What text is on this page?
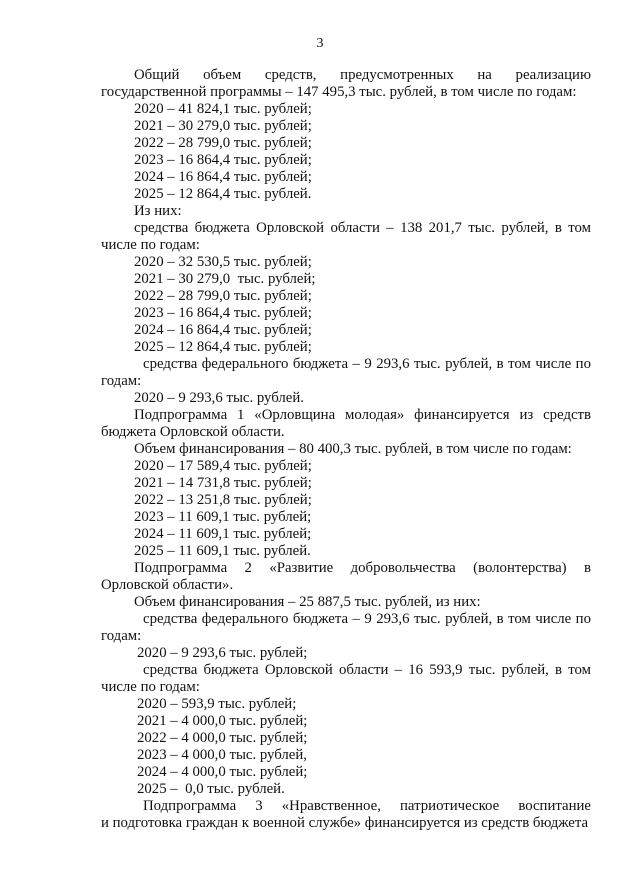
3
Общий объем средств, предусмотренных на реализацию
государственной программы – 147 495,3 тыс. рублей, в том числе по годам:
2020 – 41 824,1 тыс. рублей;
2021 – 30 279,0 тыс. рублей;
2022 – 28 799,0 тыс. рублей;
2023 – 16 864,4 тыс. рублей;
2024 – 16 864,4 тыс. рублей;
2025 – 12 864,4 тыс. рублей.
Из них:
средства бюджета Орловской области – 138 201,7 тыс. рублей, в том
числе по годам:
2020 – 32 530,5 тыс. рублей;
2021 – 30 279,0  тыс. рублей;
2022 – 28 799,0 тыс. рублей;
2023 – 16 864,4 тыс. рублей;
2024 – 16 864,4 тыс. рублей;
2025 – 12 864,4 тыс. рублей;
средства федерального бюджета – 9 293,6 тыс. рублей, в том числе по
годам:
2020 – 9 293,6 тыс. рублей.
Подпрограмма 1 «Орловщина молодая» финансируется из средств
бюджета Орловской области.
Объем финансирования – 80 400,3 тыс. рублей, в том числе по годам:
2020 – 17 589,4 тыс. рублей;
2021 – 14 731,8 тыс. рублей;
2022 – 13 251,8 тыс. рублей;
2023 – 11 609,1 тыс. рублей;
2024 – 11 609,1 тыс. рублей;
2025 – 11 609,1 тыс. рублей.
Подпрограмма 2 «Развитие добровольчества (волонтерства) в
Орловской области».
Объем финансирования – 25 887,5 тыс. рублей, из них:
средства федерального бюджета – 9 293,6 тыс. рублей, в том числе по
годам:
2020 – 9 293,6 тыс. рублей;
средства бюджета Орловской области – 16 593,9 тыс. рублей, в том
числе по годам:
2020 – 593,9 тыс. рублей;
2021 – 4 000,0 тыс. рублей;
2022 – 4 000,0 тыс. рублей;
2023 – 4 000,0 тыс. рублей,
2024 – 4 000,0 тыс. рублей;
2025 –  0,0 тыс. рублей.
Подпрограмма 3 «Нравственное, патриотическое воспитание
и подготовка граждан к военной службе» финансируется из средств бюджета
